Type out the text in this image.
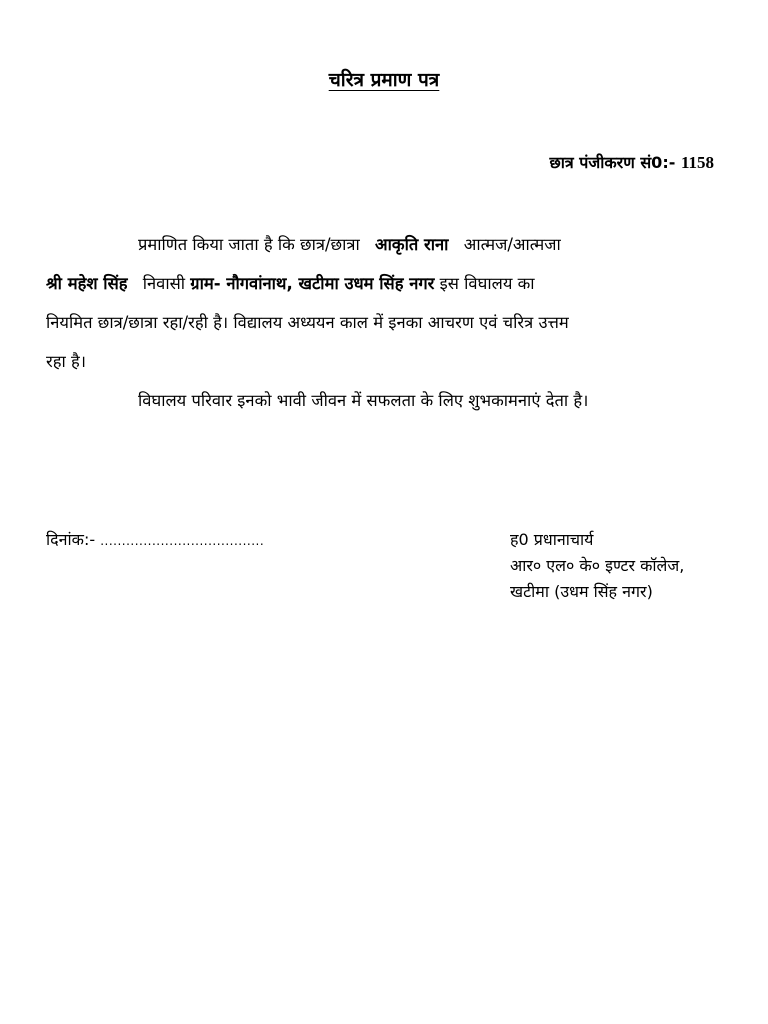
चरित्र प्रमाण पत्र
छात्र पंजीकरण सं0:- 1158
प्रमाणित किया जाता है कि छात्र/छात्रा आकृति राना आत्मज/आत्मजा
श्री महेश सिंह निवासी ग्राम- नौगवांनाथ, खटीमा उधम सिंह नगर इस विघालय का
नियमित छात्र/छात्रा रहा/रही है। विद्यालय अध्ययन काल में इनका आचरण एवं चरित्र उत्तम
रहा है।
विघालय परिवार इनको भावी जीवन में सफलता के लिए शुभकामनाएं देता है।
दिनांक:- ......................................	ह0 प्रधानाचार्य
आर० एल० के० इण्टर कॉलेज,
खटीमा (उधम सिंह नगर)
